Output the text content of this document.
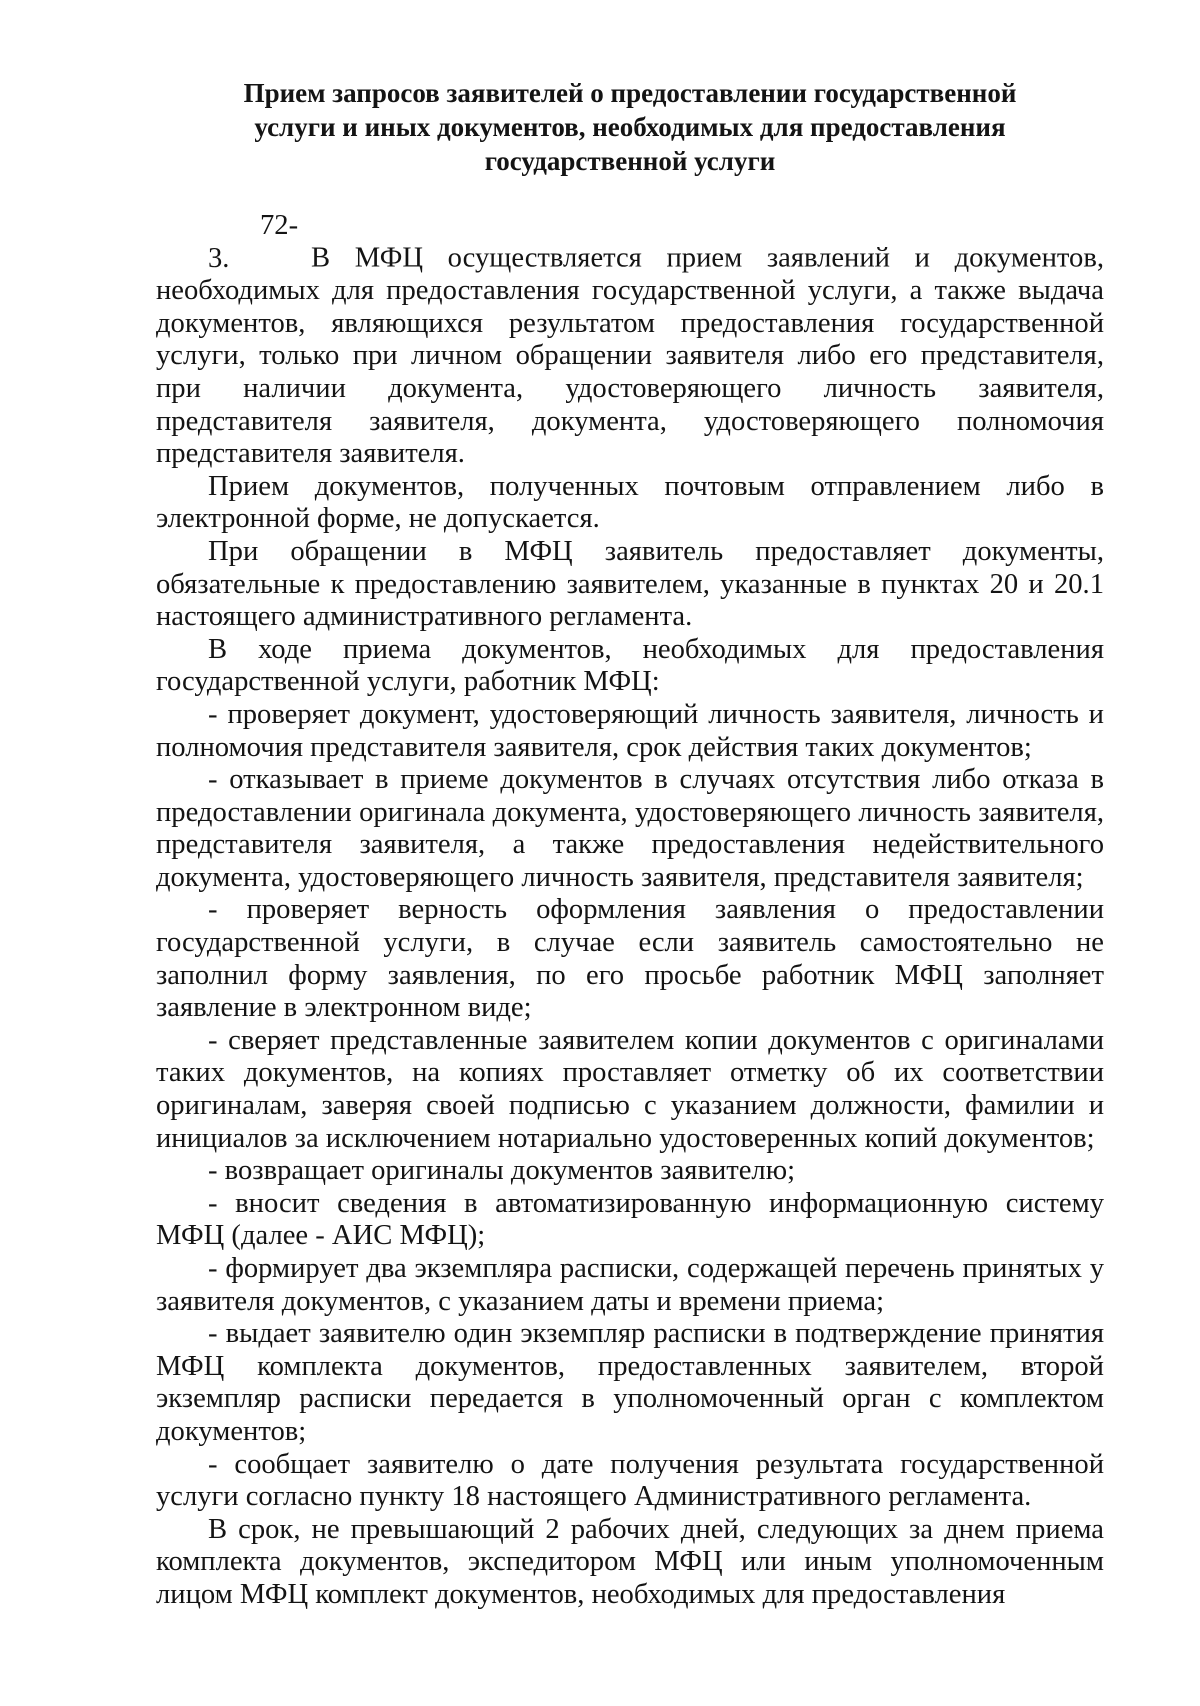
Прием запросов заявителей о предоставлении государственной
услуги и иных документов, необходимых для предоставления
государственной услуги

72-3.	В МФЦ осуществляется прием заявлений и документов, необходимых для предоставления государственной услуги, а также выдача документов, являющихся результатом предоставления государственной услуги, только при личном обращении заявителя либо его представителя, при наличии документа, удостоверяющего личность заявителя, представителя заявителя, документа, удостоверяющего полномочия представителя заявителя.

Прием документов, полученных почтовым отправлением либо в электронной форме, не допускается.

При обращении в МФЦ заявитель предоставляет документы, обязательные к предоставлению заявителем, указанные в пунктах 20 и 20.1 настоящего административного регламента.

В ходе приема документов, необходимых для предоставления государственной услуги, работник МФЦ:

- проверяет документ, удостоверяющий личность заявителя, личность и полномочия представителя заявителя, срок действия таких документов;

- отказывает в приеме документов в случаях отсутствия либо отказа в предоставлении оригинала документа, удостоверяющего личность заявителя, представителя заявителя, а также предоставления недействительного документа, удостоверяющего личность заявителя, представителя заявителя;

- проверяет верность оформления заявления о предоставлении государственной услуги, в случае если заявитель самостоятельно не заполнил форму заявления, по его просьбе работник МФЦ заполняет заявление в электронном виде;

- сверяет представленные заявителем копии документов с оригиналами таких документов, на копиях проставляет отметку об их соответствии оригиналам, заверяя своей подписью с указанием должности, фамилии и инициалов за исключением нотариально удостоверенных копий документов;

- возвращает оригиналы документов заявителю;

- вносит сведения в автоматизированную информационную систему МФЦ (далее - АИС МФЦ);

- формирует два экземпляра расписки, содержащей перечень принятых у заявителя документов, с указанием даты и времени приема;

- выдает заявителю один экземпляр расписки в подтверждение принятия МФЦ комплекта документов, предоставленных заявителем, второй экземпляр расписки передается в уполномоченный орган с комплектом документов;

- сообщает заявителю о дате получения результата государственной услуги согласно пункту 18 настоящего Административного регламента.

В срок, не превышающий 2 рабочих дней, следующих за днем приема комплекта документов, экспедитором МФЦ или иным уполномоченным лицом МФЦ комплект документов, необходимых для предоставления
